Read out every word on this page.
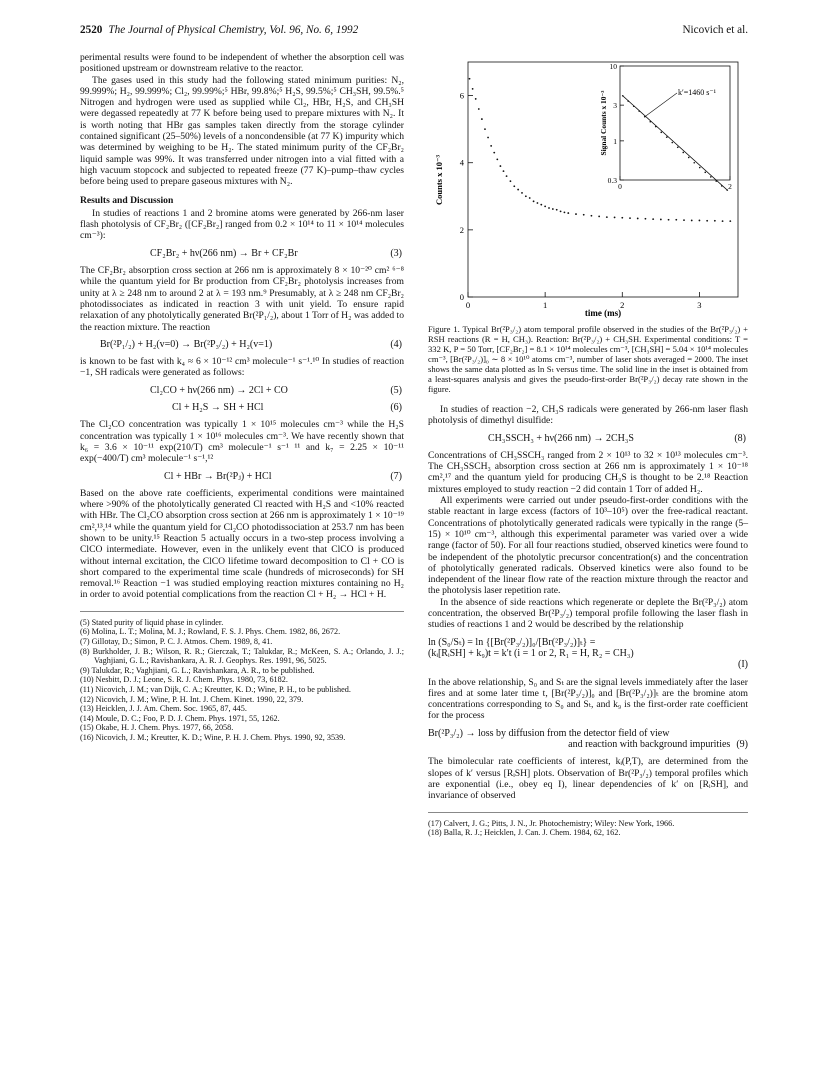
2520 The Journal of Physical Chemistry, Vol. 96, No. 6, 1992	Nicovich et al.

perimental results were found to be independent of whether the absorption cell was positioned upstream or downstream relative to the reactor.

The gases used in this study had the following stated minimum purities: N₂, 99.999%; H₂, 99.999%; Cl₂, 99.99%;⁵ HBr, 99.8%;⁵ H₂S, 99.5%;⁵ CH₃SH, 99.5%.⁵ Nitrogen and hydrogen were used as supplied while Cl₂, HBr, H₂S, and CH₃SH were degassed repeatedly at 77 K before being used to prepare mixtures with N₂. It is worth noting that HBr gas samples taken directly from the storage cylinder contained significant (25–50%) levels of a noncondensible (at 77 K) impurity which was determined by weighing to be H₂. The stated minimum purity of the CF₂Br₂ liquid sample was 99%. It was transferred under nitrogen into a vial fitted with a high vacuum stopcock and subjected to repeated freeze (77 K)–pump–thaw cycles before being used to prepare gaseous mixtures with N₂.

Results and Discussion

In studies of reactions 1 and 2 bromine atoms were generated by 266-nm laser flash photolysis of CF₂Br₂ ([CF₂Br₂] ranged from 0.2 × 10¹⁴ to 11 × 10¹⁴ molecules cm⁻³):

CF₂Br₂ + hν(266 nm) → Br + CF₂Br	(3)

The CF₂Br₂ absorption cross section at 266 nm is approximately 8 × 10⁻²⁰ cm² ⁶⁻⁸ while the quantum yield for Br production from CF₂Br₂ photolysis increases from unity at λ ≥ 248 nm to around 2 at λ = 193 nm.⁹ Presumably, at λ ≥ 248 nm CF₂Br₂ photodissociates as indicated in reaction 3 with unit yield. To ensure rapid relaxation of any photolytically generated Br(²P₁/₂), about 1 Torr of H₂ was added to the reaction mixture. The reaction

Br(²P₁/₂) + H₂(v=0) → Br(²P₃/₂) + H₂(v=1)	(4)

is known to be fast with k₄ ≈ 6 × 10⁻¹² cm³ molecule⁻¹ s⁻¹.¹⁰ In studies of reaction −1, SH radicals were generated as follows:

Cl₂CO + hν(266 nm) → 2Cl + CO	(5)
Cl + H₂S → SH + HCl	(6)

The Cl₂CO concentration was typically 1 × 10¹⁵ molecules cm⁻³ while the H₂S concentration was typically 1 × 10¹⁶ molecules cm⁻³. We have recently shown that k₆ = 3.6 × 10⁻¹¹ exp(210/T) cm³ molecule⁻¹ s⁻¹ ¹¹ and k₇ = 2.25 × 10⁻¹¹ exp(−400/T) cm³ molecule⁻¹ s⁻¹,¹²

Cl + HBr → Br(²Pⱼ) + HCl	(7)

Based on the above rate coefficients, experimental conditions were maintained where >90% of the photolytically generated Cl reacted with H₂S and <10% reacted with HBr. The Cl₂CO absorption cross section at 266 nm is approximately 1 × 10⁻¹⁹ cm²,¹³,¹⁴ while the quantum yield for Cl₂CO photodissociation at 253.7 nm has been shown to be unity.¹⁵ Reaction 5 actually occurs in a two-step process involving a ClCO intermediate. However, even in the unlikely event that ClCO is produced without internal excitation, the ClCO lifetime toward decomposition to Cl + CO is short compared to the experimental time scale (hundreds of microseconds) for SH removal.¹⁶ Reaction −1 was studied employing reaction mixtures containing no H₂ in order to avoid potential complications from the reaction Cl + H₂ → HCl + H.

(5) Stated purity of liquid phase in cylinder.
(6) Molina, L. T.; Molina, M. J.; Rowland, F. S. J. Phys. Chem. 1982, 86, 2672.
(7) Gillotay, D.; Simon, P. C. J. Atmos. Chem. 1989, 8, 41.
(8) Burkholder, J. B.; Wilson, R. R.; Gierczak, T.; Talukdar, R.; McKeen, S. A.; Orlando, J. J.; Vaghjiani, G. L.; Ravishankara, A. R. J. Geophys. Res. 1991, 96, 5025.
(9) Talukdar, R.; Vaghjiani, G. L.; Ravishankara, A. R., to be published.
(10) Nesbitt, D. J.; Leone, S. R. J. Chem. Phys. 1980, 73, 6182.
(11) Nicovich, J. M.; van Dijk, C. A.; Kreutter, K. D.; Wine, P. H., to be published.
(12) Nicovich, J. M.; Wine, P. H. Int. J. Chem. Kinet. 1990, 22, 379.
(13) Heicklen, J. J. Am. Chem. Soc. 1965, 87, 445.
(14) Moule, D. C.; Foo, P. D. J. Chem. Phys. 1971, 55, 1262.
(15) Okabe, H. J. Chem. Phys. 1977, 66, 2058.
(16) Nicovich, J. M.; Kreutter, K. D.; Wine, P. H. J. Chem. Phys. 1990, 92, 3539.
time (ms)
Counts x 10⁻³
0	1	2	3
0
2
4
6
0	2
0.3
1
3
10
k′=1460 s⁻¹
Signal Counts x 10⁻³
Figure 1. Typical Br(²P₃/₂) atom temporal profile observed in the studies of the Br(²P₃/₂) + RSH reactions (R = H, CH₃). Reaction: Br(²P₃/₂) + CH₃SH. Experimental conditions: T = 332 K, P = 50 Torr, [CF₂Br₂] = 8.1 × 10¹⁴ molecules cm⁻³, [CH₃SH] = 5.04 × 10¹⁴ molecules cm⁻³, [Br(²P₃/₂)]₀ ∼ 8 × 10¹⁰ atoms cm⁻³, number of laser shots averaged = 2000. The inset shows the same data plotted as ln Sₜ versus time. The solid line in the inset is obtained from a least-squares analysis and gives the pseudo-first-order Br(²P₃/₂) decay rate shown in the figure.

In studies of reaction −2, CH₃S radicals were generated by 266-nm laser flash photolysis of dimethyl disulfide:

CH₃SSCH₃ + hν(266 nm) → 2CH₃S	(8)

Concentrations of CH₃SSCH₃ ranged from 2 × 10¹³ to 32 × 10¹³ molecules cm⁻³. The CH₃SSCH₃ absorption cross section at 266 nm is approximately 1 × 10⁻¹⁸ cm²,¹⁷ and the quantum yield for producing CH₃S is thought to be 2.¹⁸ Reaction mixtures employed to study reaction −2 did contain 1 Torr of added H₂.

All experiments were carried out under pseudo-first-order conditions with the stable reactant in large excess (factors of 10³–10⁵) over the free-radical reactant. Concentrations of photolytically generated radicals were typically in the range (5–15) × 10¹⁰ cm⁻³, although this experimental parameter was varied over a wide range (factor of 50). For all four reactions studied, observed kinetics were found to be independent of the photolytic precursor concentration(s) and the concentration of photolytically generated radicals. Observed kinetics were also found to be independent of the linear flow rate of the reaction mixture through the reactor and the photolysis laser repetition rate.

In the absence of side reactions which regenerate or deplete the Br(²P₃/₂) atom concentration, the observed Br(²P₃/₂) temporal profile following the laser flash in studies of reactions 1 and 2 would be described by the relationship

ln (S₀/Sₜ) = ln {[Br(²P₃/₂)]₀/[Br(²P₃/₂)]ₜ} =
(kᵢ[RᵢSH] + k₉)t = k′t (i = 1 or 2, R₁ = H, R₂ = CH₃)
(I)

In the above relationship, S₀ and Sₜ are the signal levels immediately after the laser fires and at some later time t, [Br(²P₃/₂)]₀ and [Br(²P₃/₂)]ₜ are the bromine atom concentrations corresponding to S₀ and Sₜ, and k₉ is the first-order rate coefficient for the process

Br(²P₃/₂) → loss by diffusion from the detector field of view
and reaction with background impurities (9)

The bimolecular rate coefficients of interest, kᵢ(P,T), are determined from the slopes of k′ versus [RᵢSH] plots. Observation of Br(²P₃/₂) temporal profiles which are exponential (i.e., obey eq I), linear dependencies of k′ on [RᵢSH], and invariance of observed

(17) Calvert, J. G.; Pitts, J. N., Jr. Photochemistry; Wiley: New York, 1966.
(18) Balla, R. J.; Heicklen, J. Can. J. Chem. 1984, 62, 162.
